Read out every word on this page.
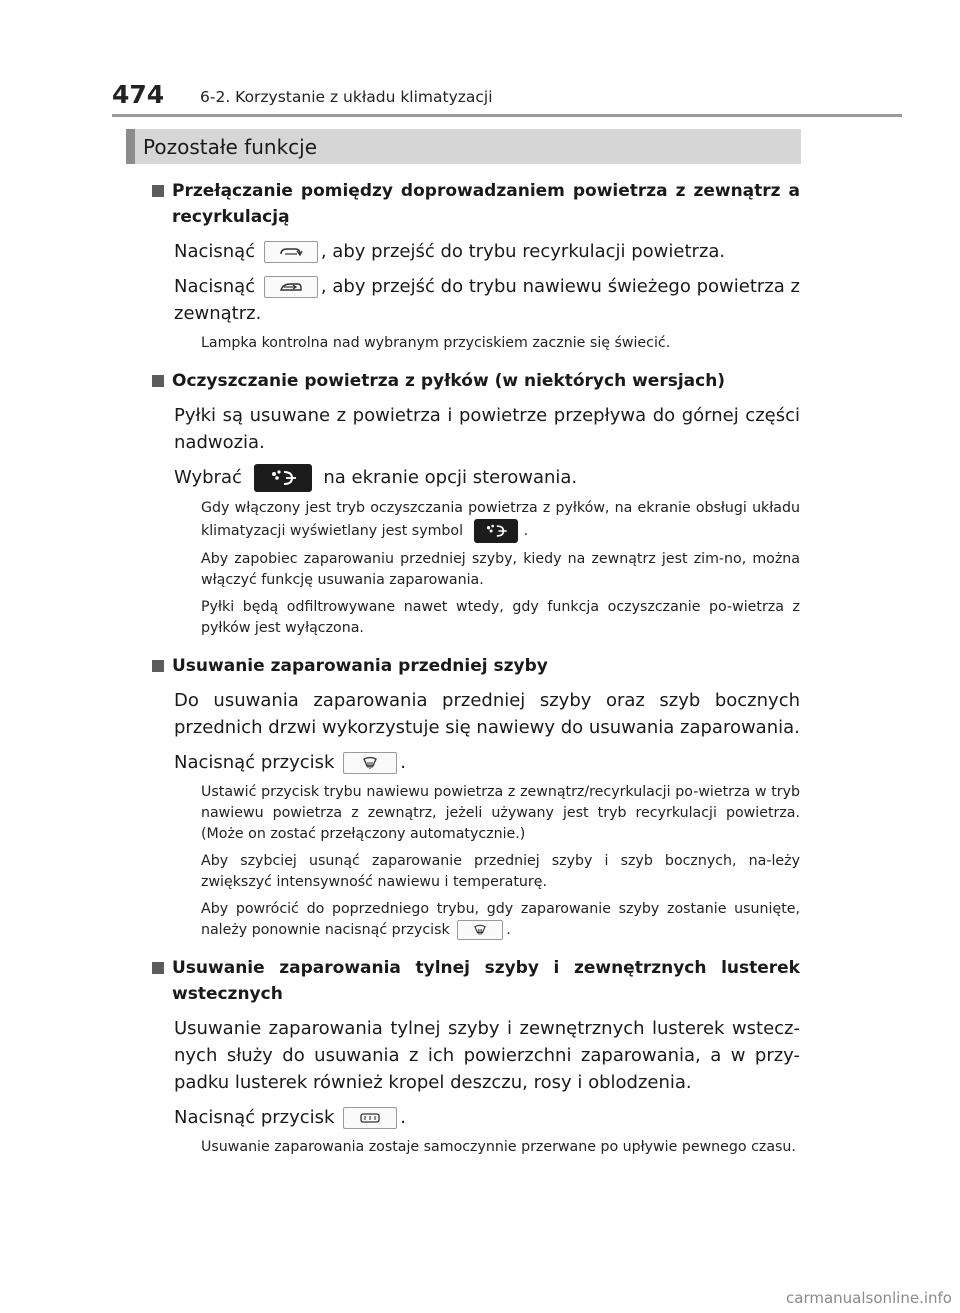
474 6-2. Korzystanie z układu klimatyzacji
Pozostałe funkcje
Przełączanie pomiędzy doprowadzaniem powietrza z zewnątrz a recyrkulacją
Nacisnąć	, aby przejść do trybu recyrkulacji powietrza.
Nacisnąć	, aby przejść do trybu nawiewu świeżego powietrza z zewnątrz.
Lampka kontrolna nad wybranym przyciskiem zacznie się świecić.
Oczyszczanie powietrza z pyłków (w niektórych wersjach)
Pyłki są usuwane z powietrza i powietrze przepływa do górnej części nadwozia.
Wybrać	na ekranie opcji sterowania.
Gdy włączony jest tryb oczyszczania powietrza z pyłków, na ekranie obsługi układu klimatyzacji wyświetlany jest symbol	.
Aby zapobiec zaparowaniu przedniej szyby, kiedy na zewnątrz jest zim-no, można włączyć funkcję usuwania zaparowania.
Pyłki będą odfiltrowywane nawet wtedy, gdy funkcja oczyszczanie po-wietrza z pyłków jest wyłączona.
Usuwanie zaparowania przedniej szyby
Do usuwania zaparowania przedniej szyby oraz szyb bocznych przednich drzwi wykorzystuje się nawiewy do usuwania zaparowania.
Nacisnąć przycisk	.
Ustawić przycisk trybu nawiewu powietrza z zewnątrz/recyrkulacji po-wietrza w tryb nawiewu powietrza z zewnątrz, jeżeli używany jest tryb recyrkulacji powietrza. (Może on zostać przełączony automatycznie.)
Aby szybciej usunąć zaparowanie przedniej szyby i szyb bocznych, na-leży zwiększyć intensywność nawiewu i temperaturę.
Aby powrócić do poprzedniego trybu, gdy zaparowanie szyby zostanie usunięte, należy ponownie nacisnąć przycisk	.
Usuwanie zaparowania tylnej szyby i zewnętrznych lusterek wstecznych
Usuwanie zaparowania tylnej szyby i zewnętrznych lusterek wstecz-nych służy do usuwania z ich powierzchni zaparowania, a w przy-padku lusterek również kropel deszczu, rosy i oblodzenia.
Nacisnąć przycisk	.
Usuwanie zaparowania zostaje samoczynnie przerwane po upływie pewnego czasu.
carmanualsonline.info
